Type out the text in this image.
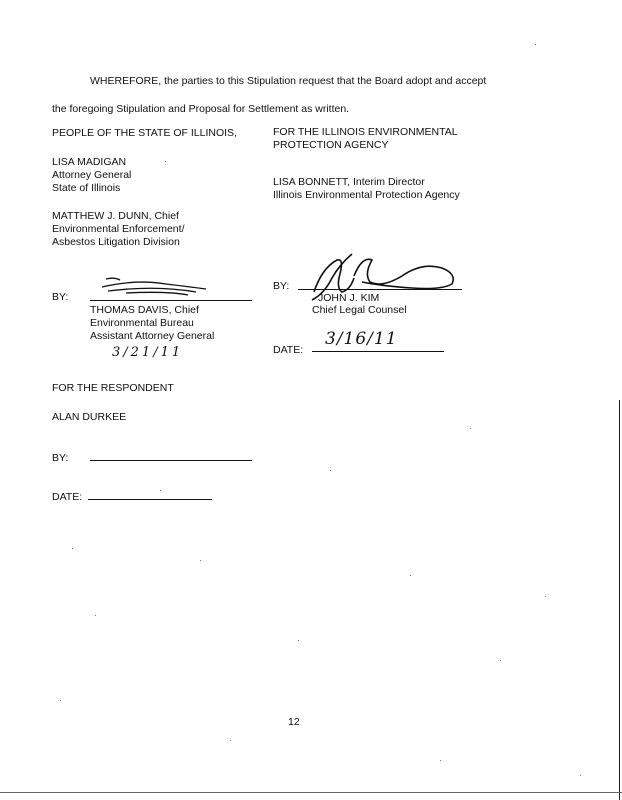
WHEREFORE, the parties to this Stipulation request that the Board adopt and accept
the foregoing Stipulation and Proposal for Settlement as written.
PEOPLE OF THE STATE OF ILLINOIS,
LISA MADIGAN
Attorney General
State of Illinois
MATTHEW J. DUNN, Chief
Environmental Enforcement/
Asbestos Litigation Division
BY:
THOMAS DAVIS, Chief
Environmental Bureau
Assistant Attorney General
3/21/11
FOR THE ILLINOIS ENVIRONMENTAL
PROTECTION AGENCY
LISA BONNETT, Interim Director
Illinois Environmental Protection Agency
BY:
JOHN J. KIM
Chief Legal Counsel
DATE:
3/16/11
FOR THE RESPONDENT
ALAN DURKEE
BY:
DATE:
12
